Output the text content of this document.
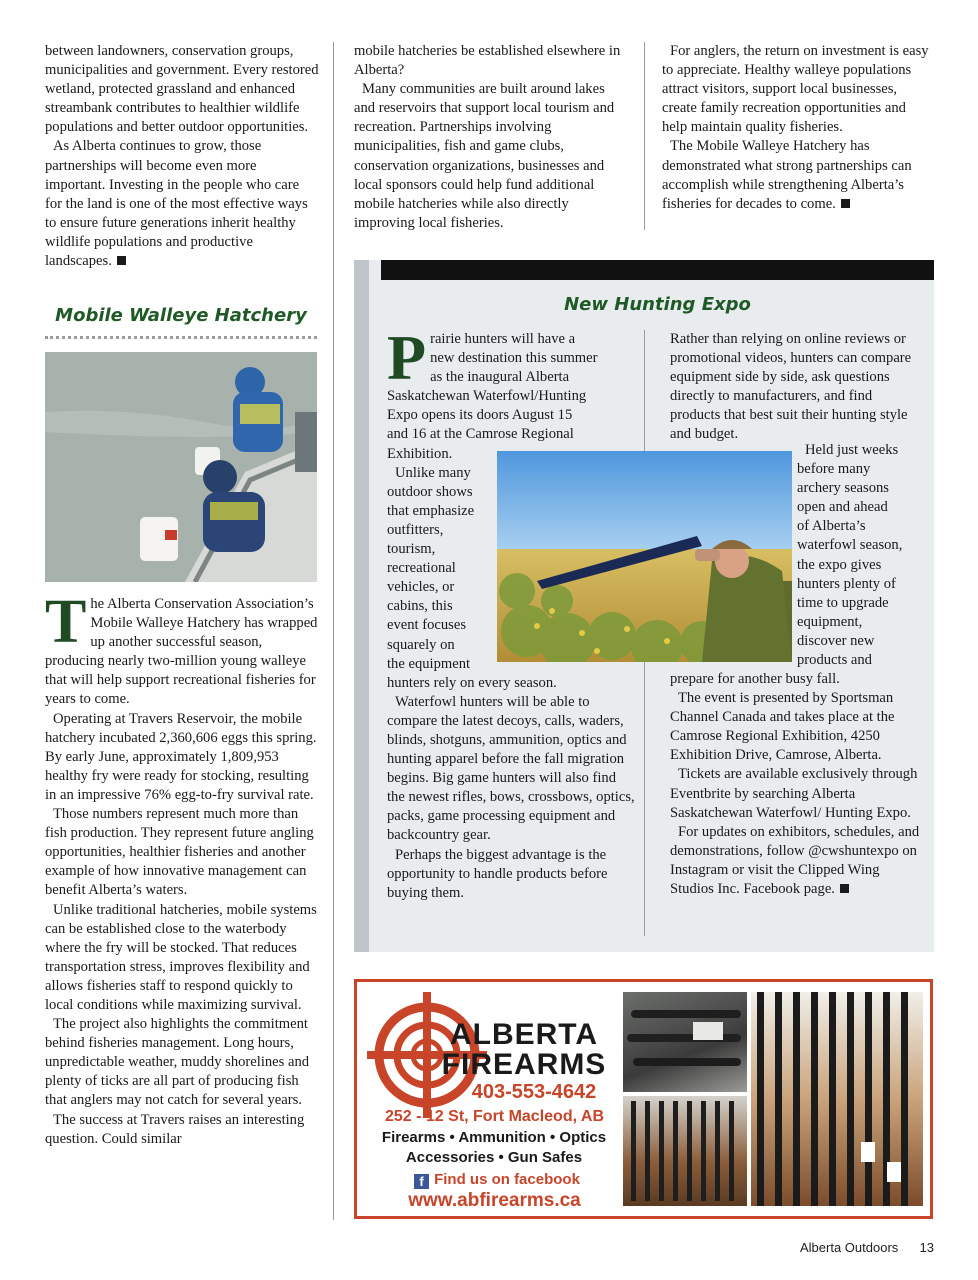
between landowners, conservation groups, municipalities and government. Every restored wetland, protected grassland and enhanced streambank contributes to healthier wildlife populations and better outdoor opportunities.

As Alberta continues to grow, those partnerships will become even more important. Investing in the people who care for the land is one of the most effective ways to ensure future generations inherit healthy wildlife populations and productive landscapes.

mobile hatcheries be established elsewhere in Alberta?

Many communities are built around lakes and reservoirs that support local tourism and recreation. Partnerships involving municipalities, fish and game clubs, conservation organizations, businesses and local sponsors could help fund additional mobile hatcheries while also directly improving local fisheries.

For anglers, the return on investment is easy to appreciate. Healthy walleye populations attract visitors, support local businesses, create family recreation opportunities and help maintain quality fisheries.

The Mobile Walleye Hatchery has demonstrated what strong partnerships can accomplish while strengthening Alberta’s fisheries for decades to come.

Mobile Walleye Hatchery
T he Alberta Conservation Association’s Mobile Walleye Hatchery has wrapped up another successful season, producing nearly two-million young walleye that will help support recreational fisheries for years to come.

Operating at Travers Reservoir, the mobile hatchery incubated 2,360,606 eggs this spring. By early June, approximately 1,809,953 healthy fry were ready for stocking, resulting in an impressive 76% egg-to-fry survival rate.

Those numbers represent much more than fish production. They represent future angling opportunities, healthier fisheries and another example of how innovative management can benefit Alberta’s waters.

Unlike traditional hatcheries, mobile systems can be established close to the waterbody where the fry will be stocked. That reduces transportation stress, improves flexibility and allows fisheries staff to respond quickly to local conditions while maximizing survival.

The project also highlights the commitment behind fisheries management. Long hours, unpredictable weather, muddy shorelines and plenty of ticks are all part of producing fish that anglers may not catch for several years.

The success at Travers raises an interesting question. Could similar

New Hunting Expo
P rairie hunters will have a
new destination this summer
as the inaugural Alberta
Saskatchewan Waterfowl/Hunting
Expo opens its doors August 15
and 16 at the Camrose Regional
Exhibition.
Unlike many
outdoor shows
that emphasize
outfitters,
tourism,
recreational
vehicles, or
cabins, this
event focuses
squarely on
the equipment

hunters rely on every season.

Waterfowl hunters will be able to compare the latest decoys, calls, waders, blinds, shotguns, ammunition, optics and hunting apparel before the fall migration begins. Big game hunters will also find the newest rifles, bows, crossbows, optics, packs, game processing equipment and backcountry gear.

Perhaps the biggest advantage is the opportunity to handle products before buying them.

Rather than relying on online reviews or promotional videos, hunters can compare equipment side by side, ask questions directly to manufacturers, and find products that best suit their hunting style and budget.

Held just weeks
before many
archery seasons
open and ahead
of Alberta’s
waterfowl season,
the expo gives
hunters plenty of
time to upgrade
equipment,
discover new
products and

prepare for another busy fall.

The event is presented by Sportsman Channel Canada and takes place at the Camrose Regional Exhibition, 4250 Exhibition Drive, Camrose, Alberta.

Tickets are available exclusively through Eventbrite by searching Alberta Saskatchewan Waterfowl/ Hunting Expo.

For updates on exhibitors, schedules, and demonstrations, follow @cwshuntexpo on Instagram or visit the Clipped Wing Studios Inc. Facebook page.

ALBERTA
FIREARMS
403-553-4642
252 - 12 St, Fort Macleod, AB
Firearms • Ammunition • Optics
Accessories • Gun Safes
f Find us on facebook
www.abfirearms.ca
Alberta Outdoors 13
